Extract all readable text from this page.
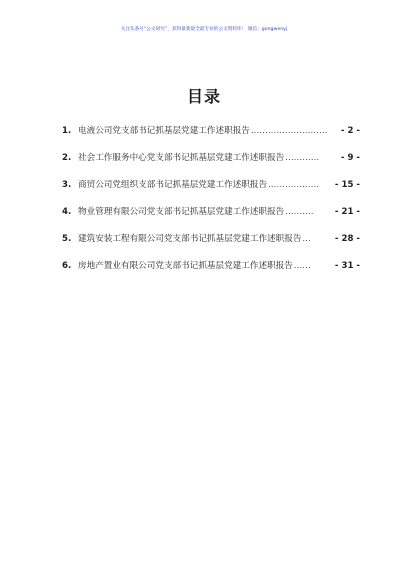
关注头条号“公文研究”，获得最新最全最专业的公文资料库！ 微信：gongwenyj
目录
1. 电液公司党支部书记抓基层党建工作述职报告 ...........................	- 2 -
2. 社会工作服务中心党支部书记抓基层党建工作述职报告 ............	- 9 -
3. 商贸公司党组织支部书记抓基层党建工作述职报告 ..................	- 15 -
4. 物业管理有限公司党支部书记抓基层党建工作述职报告 ..........	- 21 -
5. 建筑安装工程有限公司党支部书记抓基层党建工作述职报告 ...	- 28 -
6. 房地产置业有限公司党支部书记抓基层党建工作述职报告 ......	- 31 -
